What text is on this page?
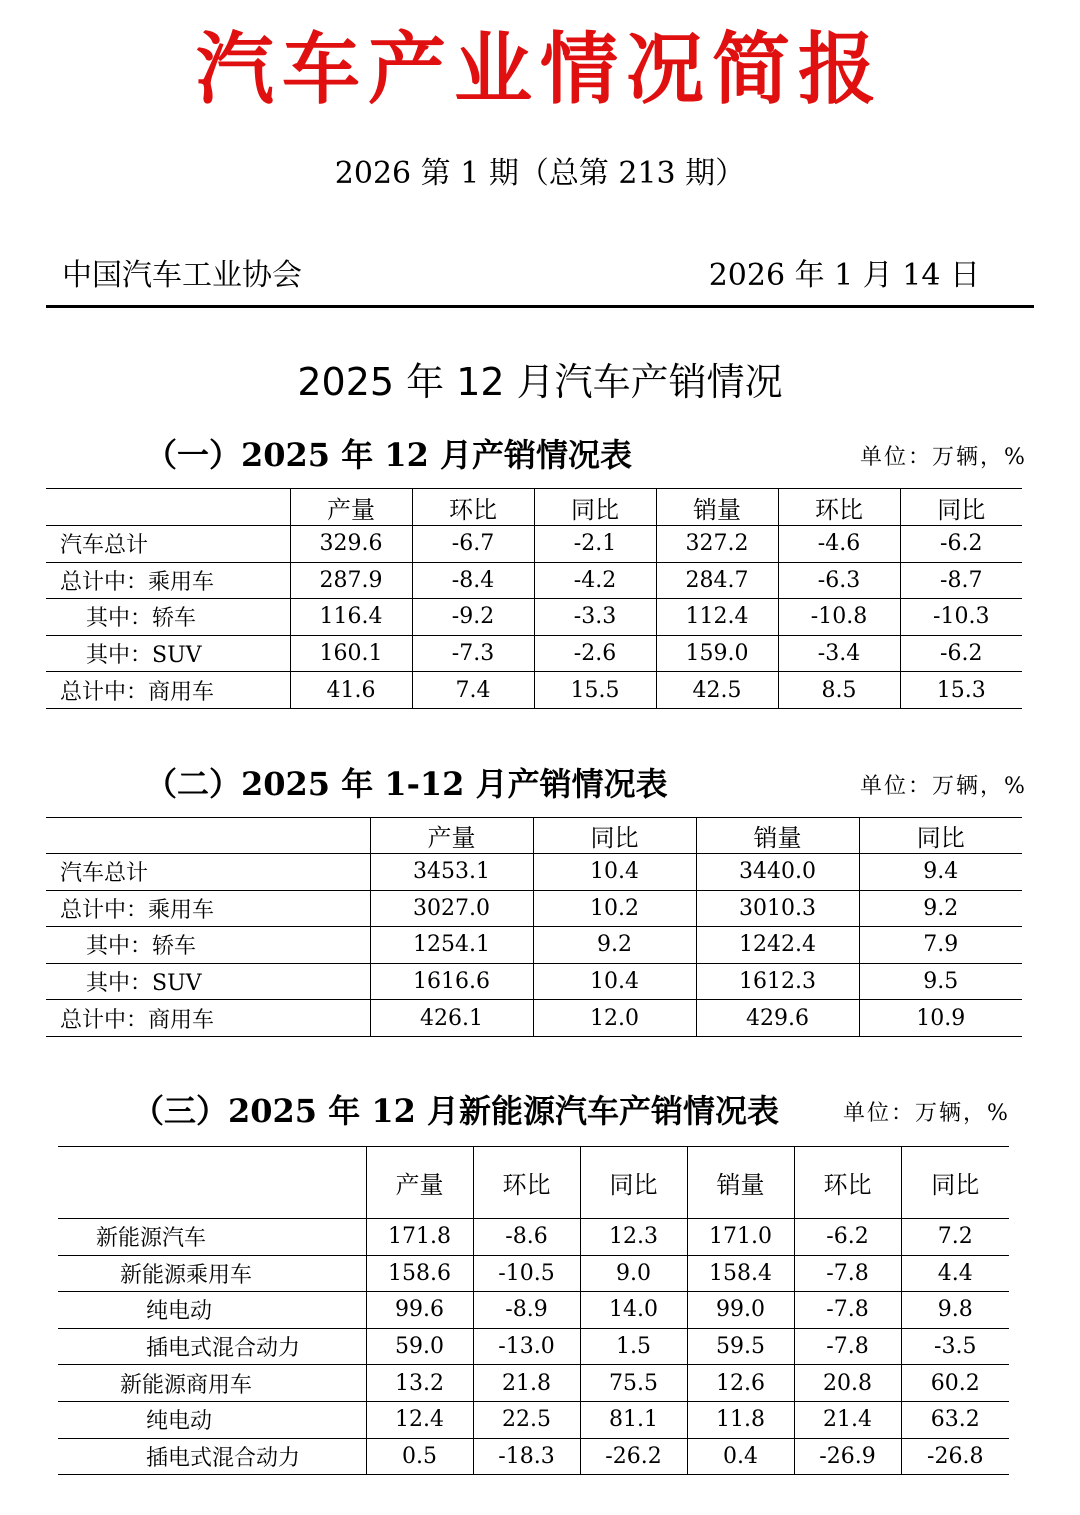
汽车产业情况简报
2026 第 1 期（总第 213 期）
中国汽车工业协会	2026 年 1 月 14 日
2025 年 12 月汽车产销情况
（一）2025 年 12 月产销情况表	单位：万辆，%
	产量	环比	同比	销量	环比	同比
汽车总计	329.6	-6.7	-2.1	327.2	-4.6	-6.2
总计中：乘用车	287.9	-8.4	-4.2	284.7	-6.3	-8.7
其中：轿车	116.4	-9.2	-3.3	112.4	-10.8	-10.3
其中：SUV	160.1	-7.3	-2.6	159.0	-3.4	-6.2
总计中：商用车	41.6	7.4	15.5	42.5	8.5	15.3
（二）2025 年 1-12 月产销情况表	单位：万辆，%
	产量	同比	销量	同比
汽车总计	3453.1	10.4	3440.0	9.4
总计中：乘用车	3027.0	10.2	3010.3	9.2
其中：轿车	1254.1	9.2	1242.4	7.9
其中：SUV	1616.6	10.4	1612.3	9.5
总计中：商用车	426.1	12.0	429.6	10.9
（三）2025 年 12 月新能源汽车产销情况表	单位：万辆，%
	产量	环比	同比	销量	环比	同比
新能源汽车	171.8	-8.6	12.3	171.0	-6.2	7.2
新能源乘用车	158.6	-10.5	9.0	158.4	-7.8	4.4
纯电动	99.6	-8.9	14.0	99.0	-7.8	9.8
插电式混合动力	59.0	-13.0	1.5	59.5	-7.8	-3.5
新能源商用车	13.2	21.8	75.5	12.6	20.8	60.2
纯电动	12.4	22.5	81.1	11.8	21.4	63.2
插电式混合动力	0.5	-18.3	-26.2	0.4	-26.9	-26.8
